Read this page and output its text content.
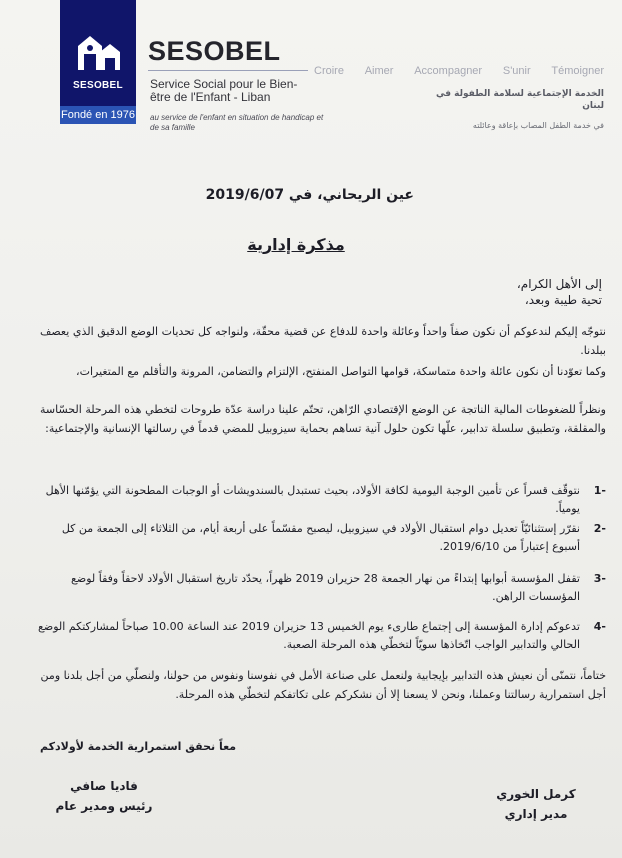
SESOBEL
Fondé en 1976
SESOBEL
Service Social pour le Bien-être de l'Enfant - Liban
au service de l'enfant en situation de handicap et de sa famille
Croire Aimer Accompagner S'unir Témoigner
الخدمة الإجتماعية لسلامة الطفولة في لبنان
في خدمة الطفل المصاب بإعاقة وعائلته
عين الريحاني، في 2019/6/07
مذكرة إدارية
إلى الأهل الكرام،
تحية طيبة وبعد،
نتوجّه إليكم لندعوكم أن نكون صفاً واحداً وعائلة واحدة للدفاع عن قضية محقّة، ولنواجه كل تحديات الوضع الدقيق الذي يعصف ببلدنا.
وكما تعوّدنا أن نكون عائلة واحدة متماسكة، قوامها التواصل المنفتح، الإلتزام والتضامن، المرونة والتأقلم مع المتغيرات،
ونظراً للضغوطات المالية الناتجة عن الوضع الإقتصادي الرّاهن، تحتّم علينا دراسة عدّة طروحات لتخطي هذه المرحلة الحسّاسة والمقلقة، وتطبيق سلسلة تدابير، علّها تكون حلول آنية تساهم بحماية سيزوبيل للمضي قدماً في رسالتها الإنسانية والإجتماعية:
-1
نتوقّف قسراً عن تأمين الوجبة اليومية لكافة الأولاد، بحيث تستبدل بالسندويشات أو الوجبات المطحونة التي يؤمّنها الأهل يومياً.
-2
نقرّر إستثنائيّاً تعديل دوام استقبال الأولاد في سيزوبيل، ليصبح مقسّماً على أربعة أيام، من الثلاثاء إلى الجمعة من كل أسبوع إعتباراً من 2019/6/10.
-3
تقفل المؤسسة أبوابها إبتداءً من نهار الجمعة 28 حزيران 2019 ظهراً، يحدّد تاريخ استقبال الأولاد لاحقاً وفقاً لوضع المؤسسات الراهن.
-4
تدعوكم إدارة المؤسسة إلى إجتماع طارىء يوم الخميس 13 حزيران 2019 عند الساعة 10.00 صباحاً لمشاركتكم الوضع الحالي والتدابير الواجب اتّخاذها سويّاً لتخطّي هذه المرحلة الصعبة.
ختاماً، نتمنّى أن نعيش هذه التدابير بإيجابية ولنعمل على صناعة الأمل في نفوسنا ونفوس من حولنا، ولنصلّي من أجل بلدنا ومن أجل استمرارية رسالتنا وعملنا، ونحن لا يسعنا إلا أن نشكركم على تكاتفكم لتخطّي هذه المرحلة.
معاً نحقق استمرارية الخدمة لأولادكم
فاديا صافي
رئيس ومدير عام
كرمل الخوري
مدير إداري
